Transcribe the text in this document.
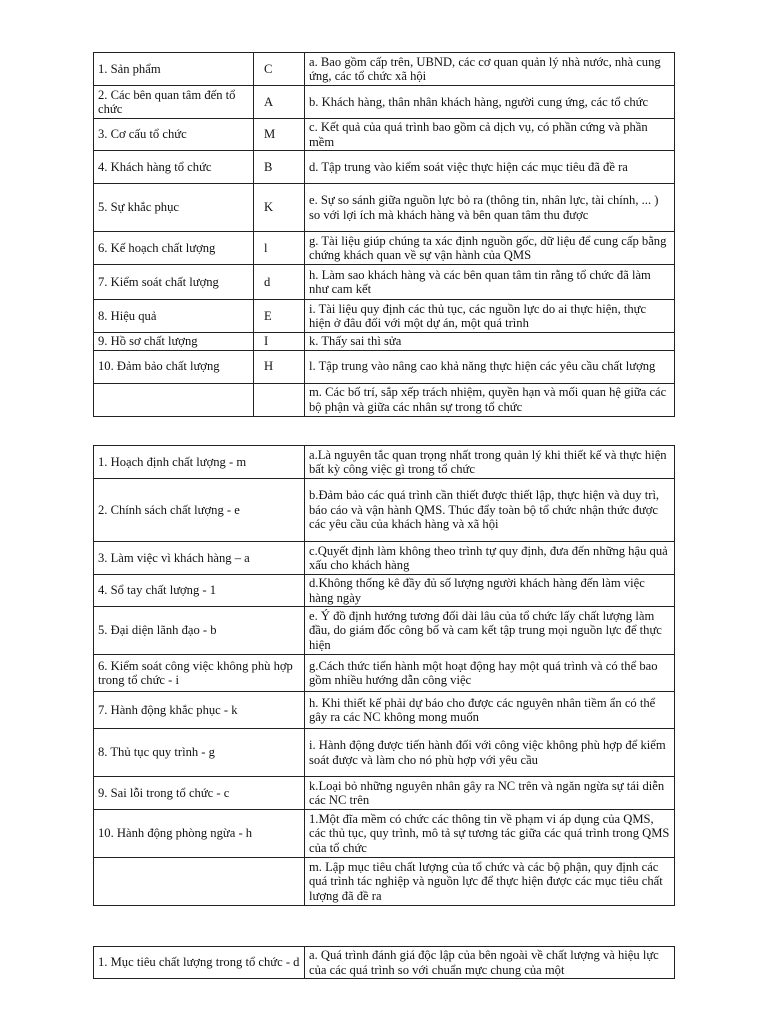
1. Sản phẩm	C	a. Bao gồm cấp trên, UBND, các cơ quan quản lý nhà nước, nhà cung ứng, các tổ chức xã hội
2. Các bên quan tâm đến tổ chức	A	b. Khách hàng, thân nhân khách hàng, người cung ứng, các tổ chức
3. Cơ cấu tổ chức	M	c. Kết quả của quá trình bao gồm cả dịch vụ, có phần cứng và phần mềm
4. Khách hàng tổ chức	B	d. Tập trung vào kiểm soát việc thực hiện các mục tiêu đã đề ra
5. Sự khắc phục	K	e. Sự so sánh giữa nguồn lực bỏ ra (thông tin, nhân lực, tài chính, ... ) so với lợi ích mà khách hàng và bên quan tâm thu được
6. Kế hoạch chất lượng	l	g. Tài liệu giúp chúng ta xác định nguồn gốc, dữ liệu để cung cấp bằng chứng khách quan về sự vận hành của QMS
7. Kiểm soát chất lượng	d	h. Làm sao khách hàng và các bên quan tâm tin rằng tổ chức đã làm như cam kết
8. Hiệu quả	E	i. Tài liệu quy định các thủ tục, các nguồn lực do ai thực hiện, thực hiện ở đâu đối với một dự án, một quá trình
9. Hồ sơ chất lượng	I	k. Thấy sai thì sửa
10. Đảm bảo chất lượng	H	l. Tập trung vào nâng cao khả năng thực hiện các yêu cầu chất lượng
		m. Các bố trí, sắp xếp trách nhiệm, quyền hạn và mối quan hệ giữa các bộ phận và giữa các nhân sự trong tổ chức
1. Hoạch định chất lượng - m	a.Là nguyên tắc quan trọng nhất trong quản lý khi thiết kế và thực hiện bất kỳ công việc gì trong tổ chức
2. Chính sách chất lượng - e	b.Đảm bảo các quá trình cần thiết được thiết lập, thực hiện và duy trì, báo cáo và vận hành QMS. Thúc đẩy toàn bộ tổ chức nhận thức được các yêu cầu của khách hàng và xã hội
3. Làm việc vì khách hàng – a	c.Quyết định làm không theo trình tự quy định, đưa đến những hậu quả xấu cho khách hàng
4. Sổ tay chất lượng - 1	d.Không thống kê đầy đủ số lượng người khách hàng đến làm việc hàng ngày
5. Đại diện lãnh đạo - b	e. Ý đồ định hướng tương đối dài lâu của tổ chức lấy chất lượng làm đầu, do giám đốc công bố và cam kết tập trung mọi nguồn lực để thực hiện
6. Kiểm soát công việc không phù hợp trong tổ chức - i	g.Cách thức tiến hành một hoạt động hay một quá trình và có thể bao gồm nhiều hướng dẫn công việc
7. Hành động khắc phục - k	h. Khi thiết kế phải dự báo cho được các nguyên nhân tiềm ẩn có thể gây ra các NC không mong muốn
8. Thủ tục quy trình - g	i. Hành động được tiến hành đối với công việc không phù hợp để kiểm soát được và làm cho nó phù hợp với yêu cầu
9. Sai lỗi trong tổ chức - c	k.Loại bỏ những nguyên nhân gây ra NC trên và ngăn ngừa sự tái diễn các NC trên
10. Hành động phòng ngừa - h	1.Một đĩa mềm có chức các thông tin về phạm vi áp dụng của QMS, các thủ tục, quy trình, mô tả sự tương tác giữa các quá trình trong QMS của tổ chức
	m. Lập mục tiêu chất lượng của tổ chức và các bộ phận, quy định các quá trình tác nghiệp và nguồn lực để thực hiện được các mục tiêu chất lượng đã đề ra
1. Mục tiêu chất lượng trong tổ chức - d	a. Quá trình đánh giá độc lập của bên ngoài về chất lượng và hiệu lực của các quá trình so với chuẩn mực chung của một
